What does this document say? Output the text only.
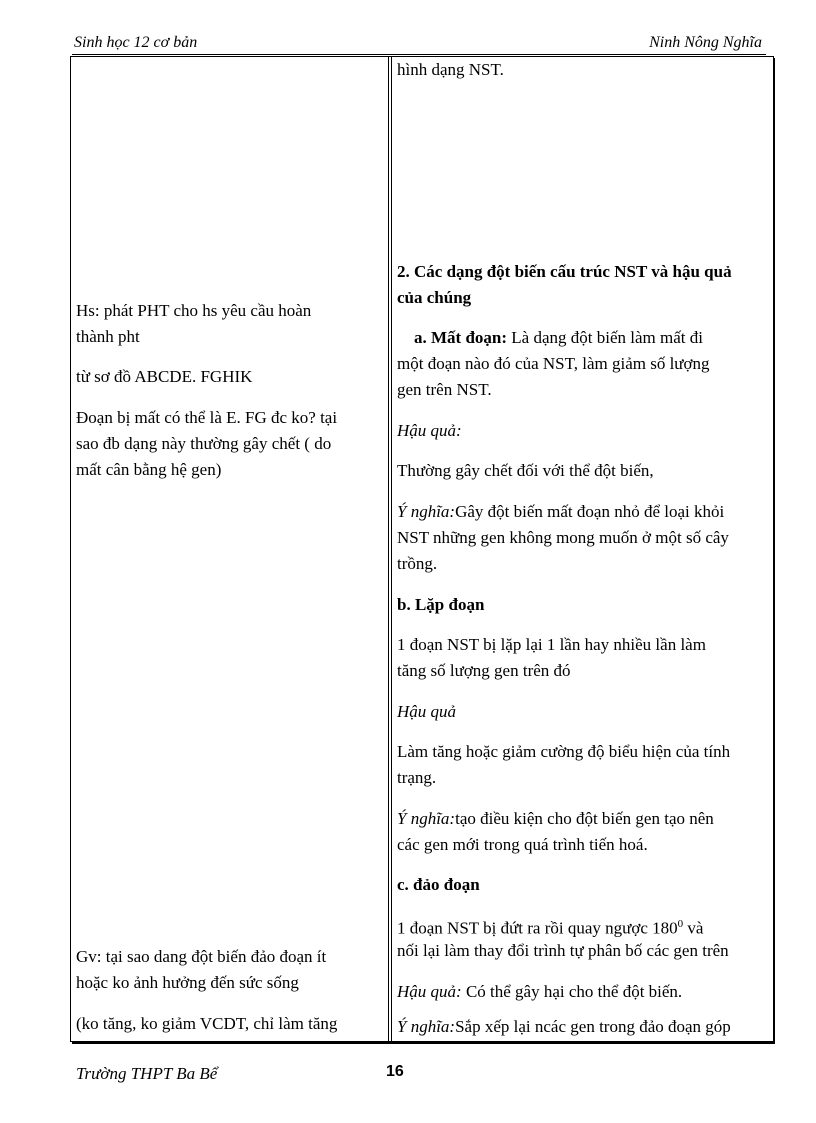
Sinh học 12 cơ bản	Ninh Nông Nghĩa
Hs: phát PHT cho hs yêu cầu hoàn
thành pht
từ sơ đồ ABCDE. FGHIK
Đoạn bị mất có thể là E. FG đc ko? tại
sao đb dạng này thường gây chết ( do
mất cân bằng hệ gen)
Gv: tại sao dang đột biến đảo đoạn ít
hoặc ko ảnh hưởng đến sức sống
(ko tăng, ko giảm VCDT, chỉ làm tăng
hình dạng NST.
2. Các dạng đột biến cấu trúc NST và hậu quả
của chúng
a. Mất đoạn: Là dạng đột biến làm mất đi
một đoạn nào đó của NST, làm giảm số lượng
gen trên NST.
Hậu quả:
Thường gây chết đối với thể đột biến,
Ý nghĩa:Gây đột biến mất đoạn nhỏ để loại khỏi
NST những gen không mong muốn ở một số cây
trồng.
b. Lặp đoạn
1 đoạn NST bị lặp lại 1 lần hay nhiều lần làm
tăng số lượng gen trên đó
Hậu quả
Làm tăng hoặc giảm cường độ biểu hiện của tính
trạng.
Ý nghĩa:tạo điều kiện cho đột biến gen tạo nên
các gen mới trong quá trình tiến hoá.
c. đảo đoạn
1 đoạn NST bị đứt ra rồi quay ngược $180^0$ và
nối lại làm thay đổi trình tự phân bố các gen trên
Hậu quả: Có thể gây hại cho thể đột biến.
Ý nghĩa:Sắp xếp lại ncác gen trong đảo đoạn góp
Trường THPT Ba Bể	16
